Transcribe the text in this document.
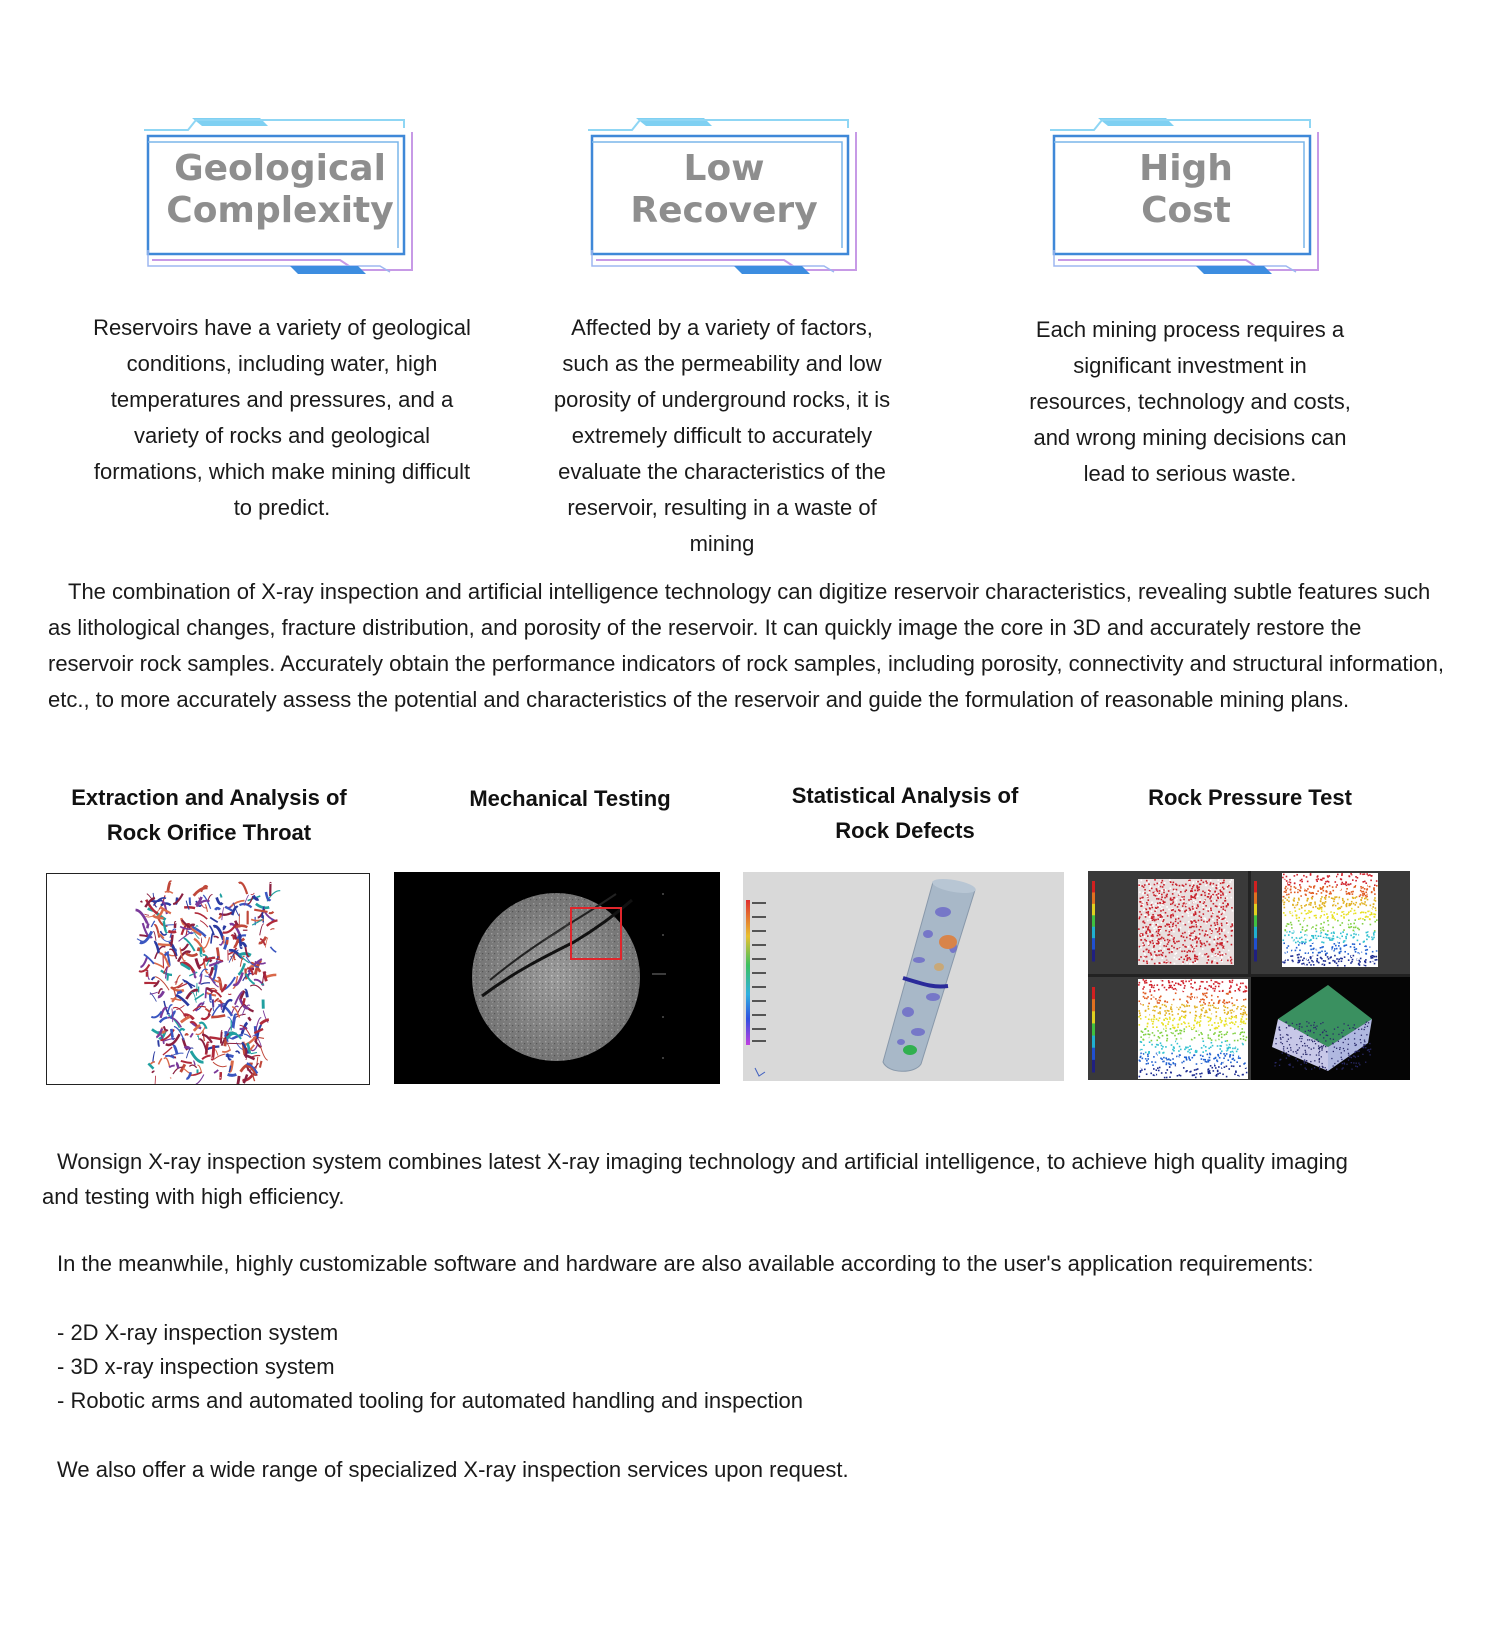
Geological
Complexity
Low
Recovery
High
Cost
Reservoirs have a variety of geological conditions, including water, high temperatures and pressures, and a variety of rocks and geological formations, which make mining difficult to predict.
Affected by a variety of factors, such as the permeability and low porosity of underground rocks, it is extremely difficult to accurately evaluate the characteristics of the reservoir, resulting in a waste of mining
Each mining process requires a significant investment in resources, technology and costs, and wrong mining decisions can lead to serious waste.
The combination of X-ray inspection and artificial intelligence technology can digitize reservoir characteristics, revealing subtle features such as lithological changes, fracture distribution, and porosity of the reservoir. It can quickly image the core in 3D and accurately restore the reservoir rock samples. Accurately obtain the performance indicators of rock samples, including porosity, connectivity and structural information, etc., to more accurately assess the potential and characteristics of the reservoir and guide the formulation of reasonable mining plans.
Extraction and Analysis of Rock Orifice Throat
Mechanical Testing	Statistical Analysis of Rock Defects
Rock Pressure Test
Wonsign X-ray inspection system combines latest X-ray imaging technology and artificial intelligence, to achieve high quality imaging and testing with high efficiency.
In the meanwhile, highly customizable software and hardware are also available according to the user's application requirements:
- 2D X-ray inspection system
- 3D x-ray inspection system
- Robotic arms and automated tooling for automated handling and inspection
We also offer a wide range of specialized X-ray inspection services upon request.
